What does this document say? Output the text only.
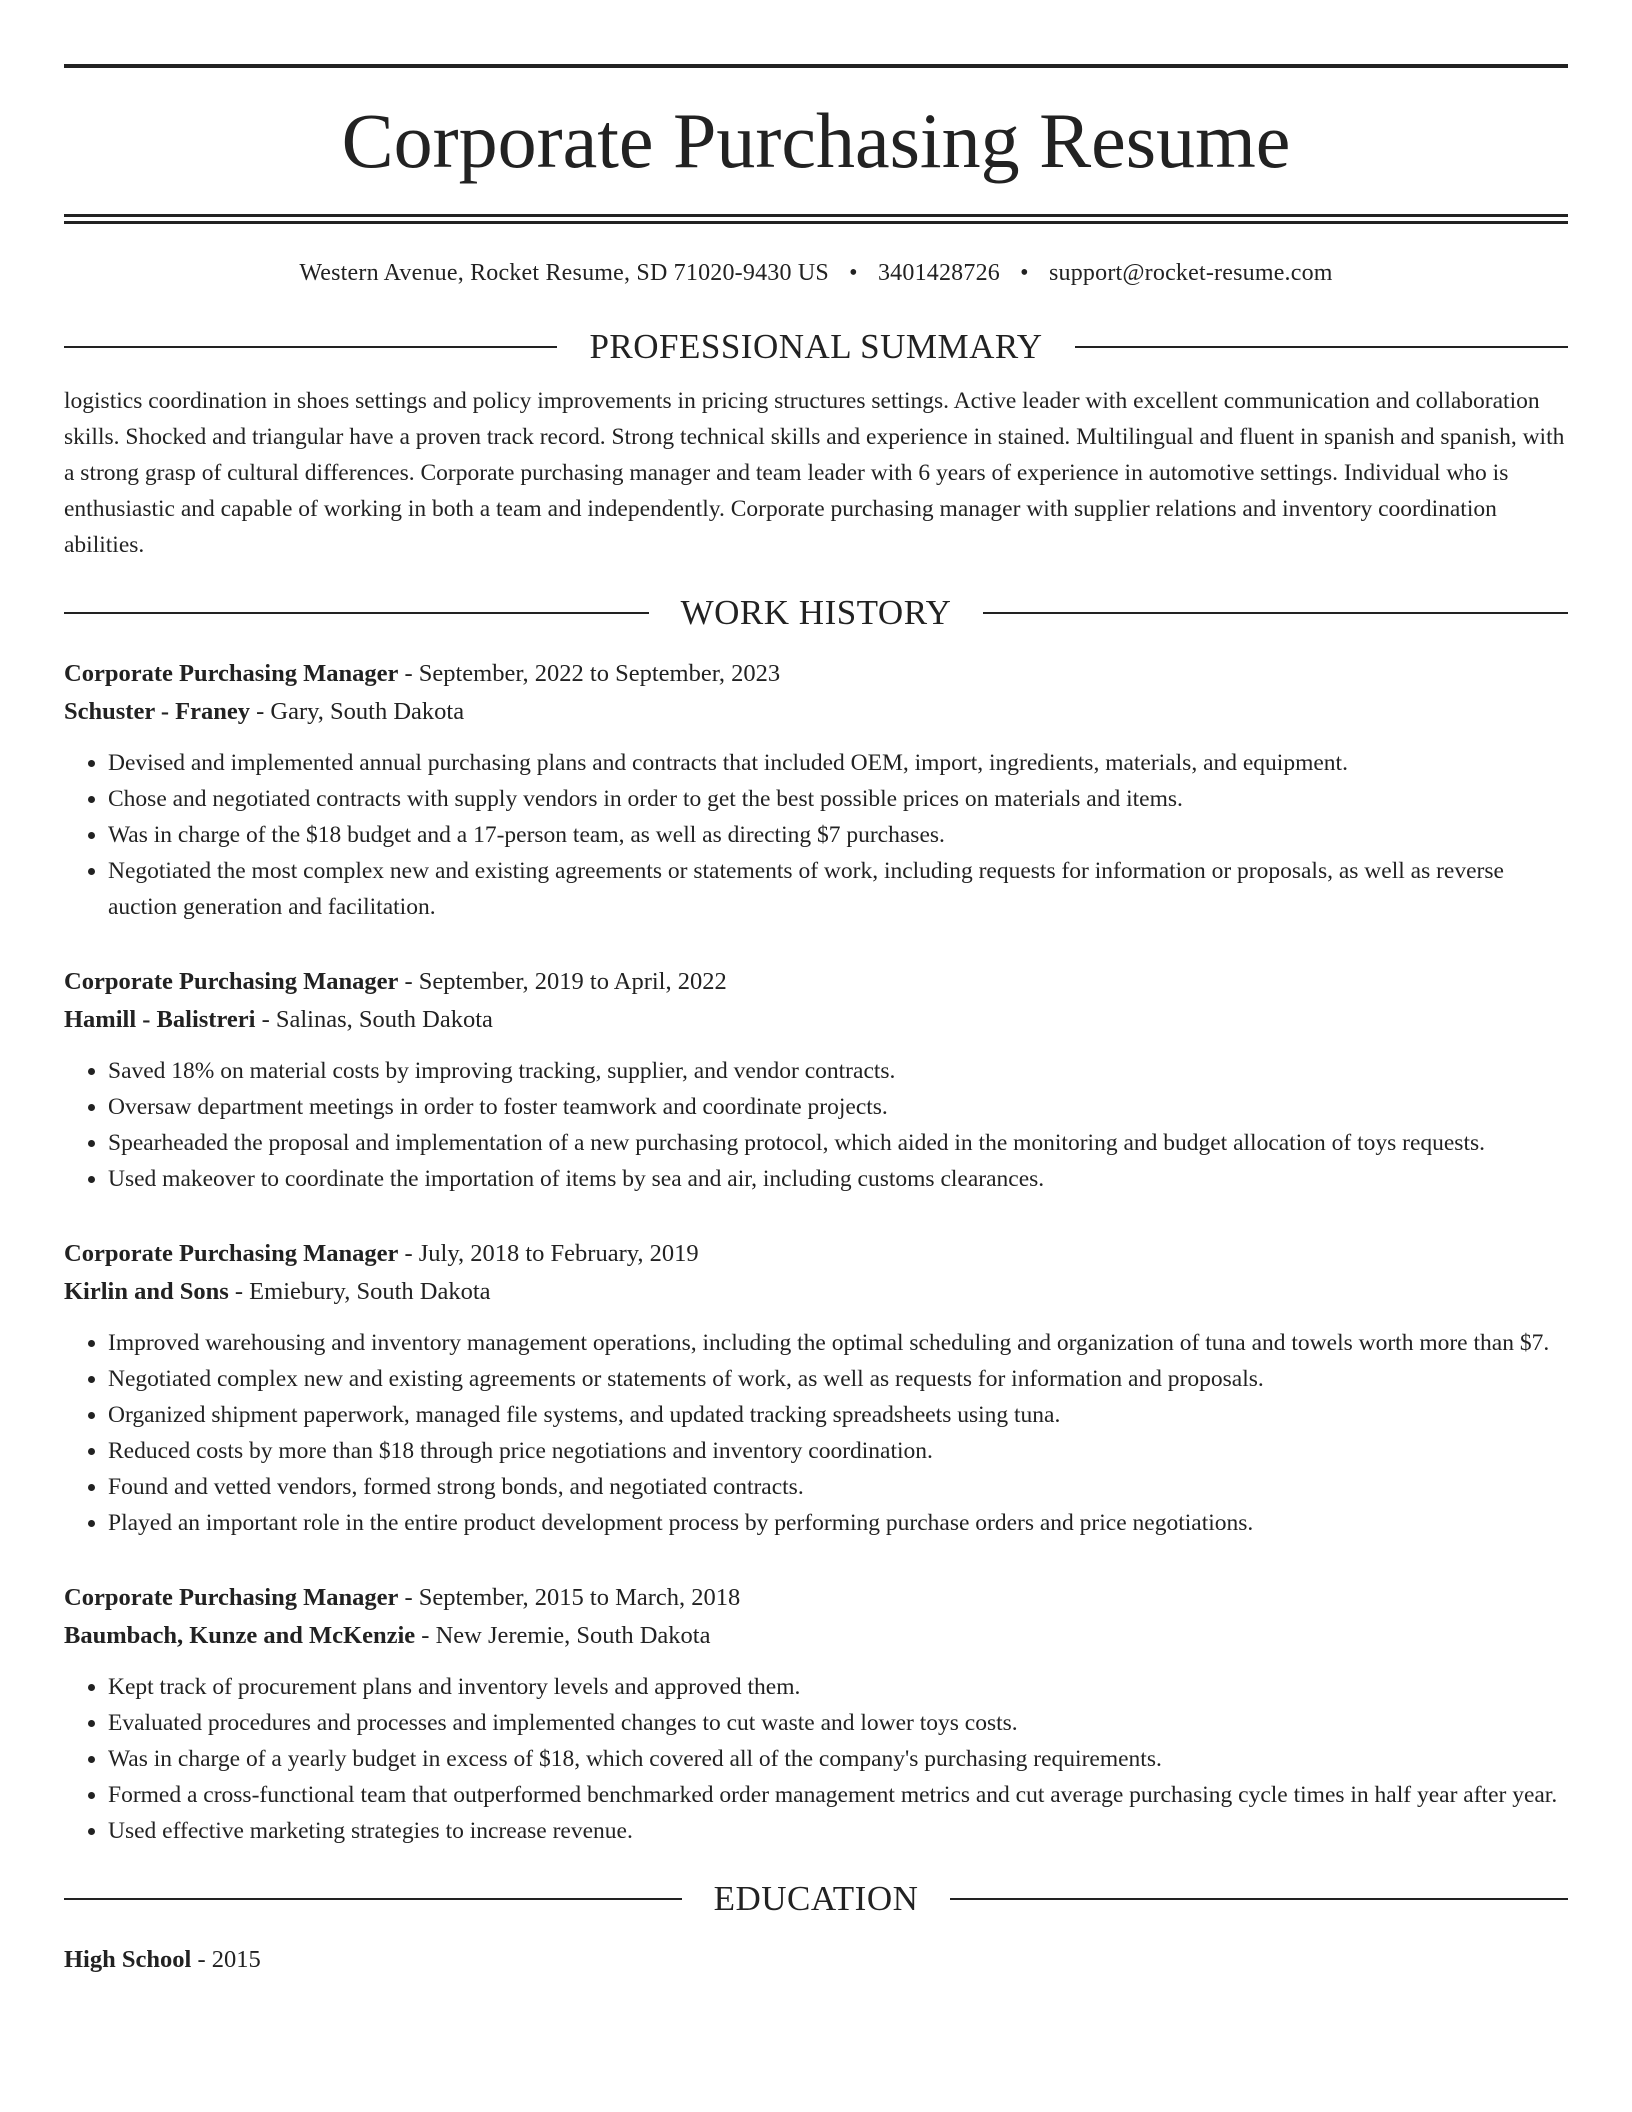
Corporate Purchasing Resume
Western Avenue, Rocket Resume, SD 71020-9430 US • 3401428726 • support@rocket-resume.com
PROFESSIONAL SUMMARY

logistics coordination in shoes settings and policy improvements in pricing structures settings. Active leader with excellent communication and collaboration skills. Shocked and triangular have a proven track record. Strong technical skills and experience in stained. Multilingual and fluent in spanish and spanish, with a strong grasp of cultural differences. Corporate purchasing manager and team leader with 6 years of experience in automotive settings. Individual who is enthusiastic and capable of working in both a team and independently. Corporate purchasing manager with supplier relations and inventory coordination abilities.

WORK HISTORY
Corporate Purchasing Manager - September, 2022 to September, 2023
Schuster - Franey - Gary, South Dakota
• Devised and implemented annual purchasing plans and contracts that included OEM, import, ingredients, materials, and equipment.
• Chose and negotiated contracts with supply vendors in order to get the best possible prices on materials and items.
• Was in charge of the $18 budget and a 17-person team, as well as directing $7 purchases.
• Negotiated the most complex new and existing agreements or statements of work, including requests for information or proposals, as well as reverse auction generation and facilitation.
Corporate Purchasing Manager - September, 2019 to April, 2022
Hamill - Balistreri - Salinas, South Dakota
• Saved 18% on material costs by improving tracking, supplier, and vendor contracts.
• Oversaw department meetings in order to foster teamwork and coordinate projects.
• Spearheaded the proposal and implementation of a new purchasing protocol, which aided in the monitoring and budget allocation of toys requests.
• Used makeover to coordinate the importation of items by sea and air, including customs clearances.
Corporate Purchasing Manager - July, 2018 to February, 2019
Kirlin and Sons - Emiebury, South Dakota
• Improved warehousing and inventory management operations, including the optimal scheduling and organization of tuna and towels worth more than $7.
• Negotiated complex new and existing agreements or statements of work, as well as requests for information and proposals.
• Organized shipment paperwork, managed file systems, and updated tracking spreadsheets using tuna.
• Reduced costs by more than $18 through price negotiations and inventory coordination.
• Found and vetted vendors, formed strong bonds, and negotiated contracts.
• Played an important role in the entire product development process by performing purchase orders and price negotiations.
Corporate Purchasing Manager - September, 2015 to March, 2018
Baumbach, Kunze and McKenzie - New Jeremie, South Dakota
• Kept track of procurement plans and inventory levels and approved them.
• Evaluated procedures and processes and implemented changes to cut waste and lower toys costs.
• Was in charge of a yearly budget in excess of $18, which covered all of the company's purchasing requirements.
• Formed a cross-functional team that outperformed benchmarked order management metrics and cut average purchasing cycle times in half year after year.
• Used effective marketing strategies to increase revenue.
EDUCATION
High School - 2015
